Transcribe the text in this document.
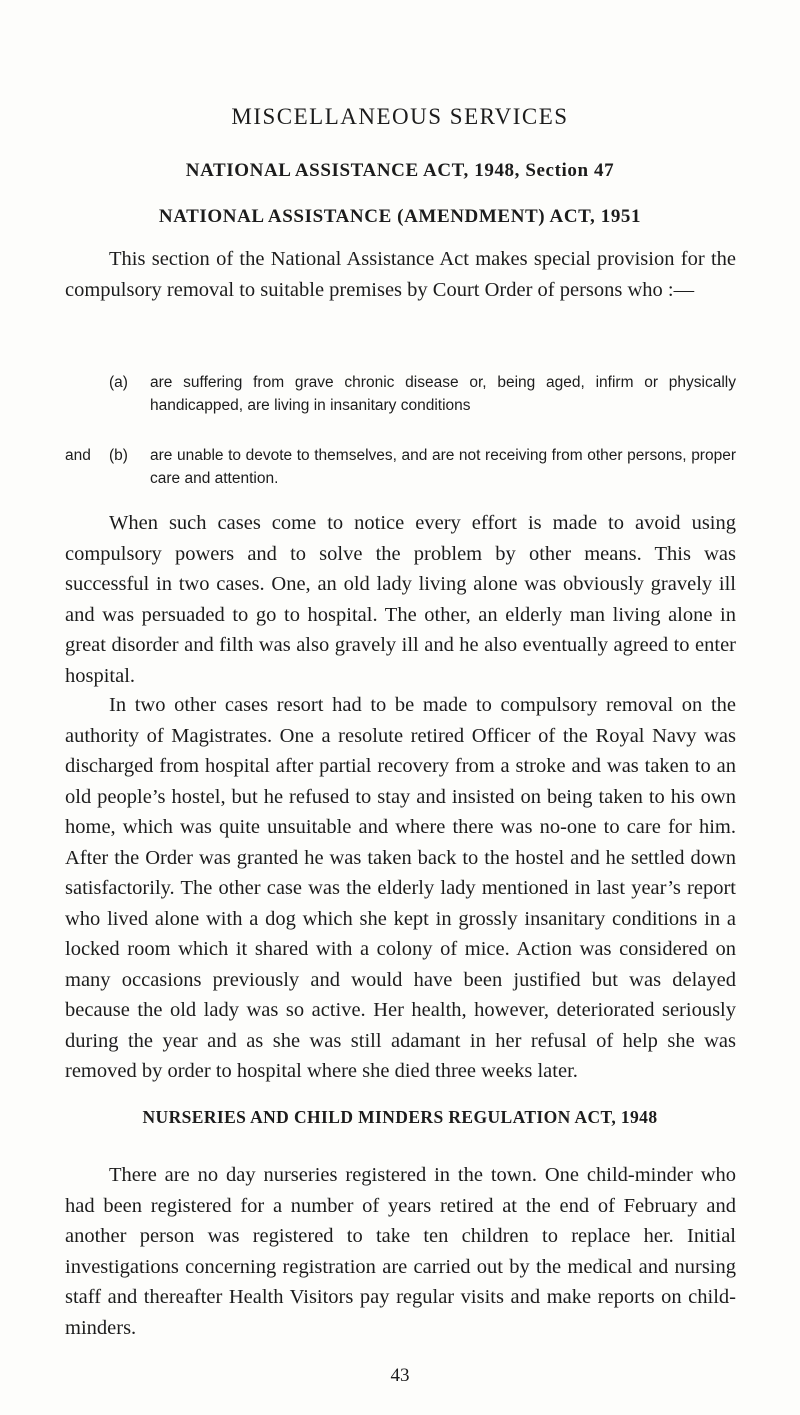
MISCELLANEOUS SERVICES
NATIONAL ASSISTANCE ACT, 1948, Section 47
NATIONAL ASSISTANCE (AMENDMENT) ACT, 1951

This section of the National Assistance Act makes special provision for the compulsory removal to suitable premises by Court Order of persons who :—

(a) are suffering from grave chronic disease or, being aged, infirm or physically handicapped, are living in insanitary conditions
and (b) are unable to devote to themselves, and are not receiving from other persons, proper care and attention.

When such cases come to notice every effort is made to avoid using compulsory powers and to solve the problem by other means. This was successful in two cases. One, an old lady living alone was obviously gravely ill and was persuaded to go to hospital. The other, an elderly man living alone in great disorder and filth was also gravely ill and he also eventually agreed to enter hospital.

In two other cases resort had to be made to compulsory removal on the authority of Magistrates. One a resolute retired Officer of the Royal Navy was discharged from hospital after partial recovery from a stroke and was taken to an old people’s hostel, but he refused to stay and insisted on being taken to his own home, which was quite unsuitable and where there was no-one to care for him. After the Order was granted he was taken back to the hostel and he settled down satisfactorily. The other case was the elderly lady mentioned in last year’s report who lived alone with a dog which she kept in grossly insanitary conditions in a locked room which it shared with a colony of mice. Action was considered on many occasions previously and would have been justified but was delayed because the old lady was so active. Her health, however, deteriorated seriously during the year and as she was still adamant in her refusal of help she was removed by order to hospital where she died three weeks later.

NURSERIES AND CHILD MINDERS REGULATION ACT, 1948

There are no day nurseries registered in the town. One child-minder who had been registered for a number of years retired at the end of February and another person was registered to take ten children to replace her. Initial investigations concerning registration are carried out by the medical and nursing staff and thereafter Health Visitors pay regular visits and make reports on child-minders.

43
